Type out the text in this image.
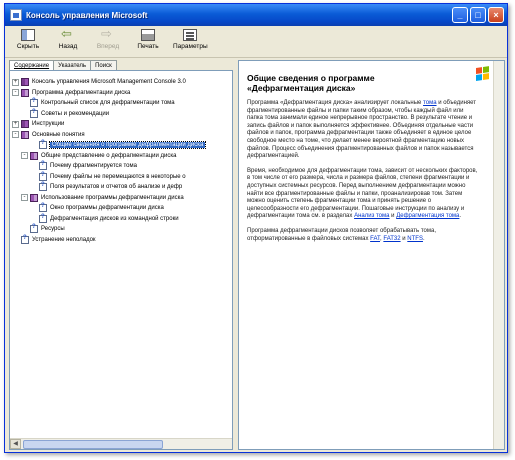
Консоль управления Microsoft	_	□	×
Скрыть
⇦	Назад
⇨	Вперед	Печать Параметры
Содержание	Указатель	Поиск
+ Консоль управления Microsoft Management Console 3.0
-	Программа дефрагментации диска
?
Контрольный список для дефрагментации тома
?
Советы и рекомендации
+ Инструкции
-	Основные понятия
?
Общие сведения о программе дефрагментации диска
-	Общие представление о дефрагментации диска
?
Почему фрагментируется тома
?
Почему файлы не перемещаются в некоторые о
?
Поля результатов и отчетов об анализе и дефр
-	Использование программы дефрагментации диска
?
Окно программы дефрагментации диска
?
Дефрагментация дисков из командной строки
?
Ресурсы
?
Устранение неполадок
◀
Общие сведения о программе «Дефрагментация диска»
Программа «Дефрагментация диска» анализирует локальные тома и объединяет фрагментированные файлы и папки таким образом, чтобы каждый файл или папка тома занимали единое непрерывное пространство. В результате чтение и запись файлов и папок выполняется эффективнее. Объединяя отдельные части файлов и папок, программа дефрагментации также объединяет в единое целое свободное место на томе, что делает менее вероятной фрагментацию новых файлов. Процесс объединения фрагментированных файлов и папок называется дефрагментацией.
Время, необходимое для дефрагментации тома, зависит от нескольких факторов, в том числе от его размера, числа и размера файлов, степени фрагментации и доступных системных ресурсов. Перед выполнением дефрагментации можно найти все фрагментированные файлы и папки, проанализировав том. Затем можно оценить степень фрагментации тома и принять решение о целесообразности его дефрагментации. Пошаговые инструкции по анализу и дефрагментации тома см. в разделах Анализ тома и Дефрагментация тома.
Программа дефрагментации дисков позволяет обрабатывать тома, отформатированные в файловых системах FAT, FAT32 и NTFS.
